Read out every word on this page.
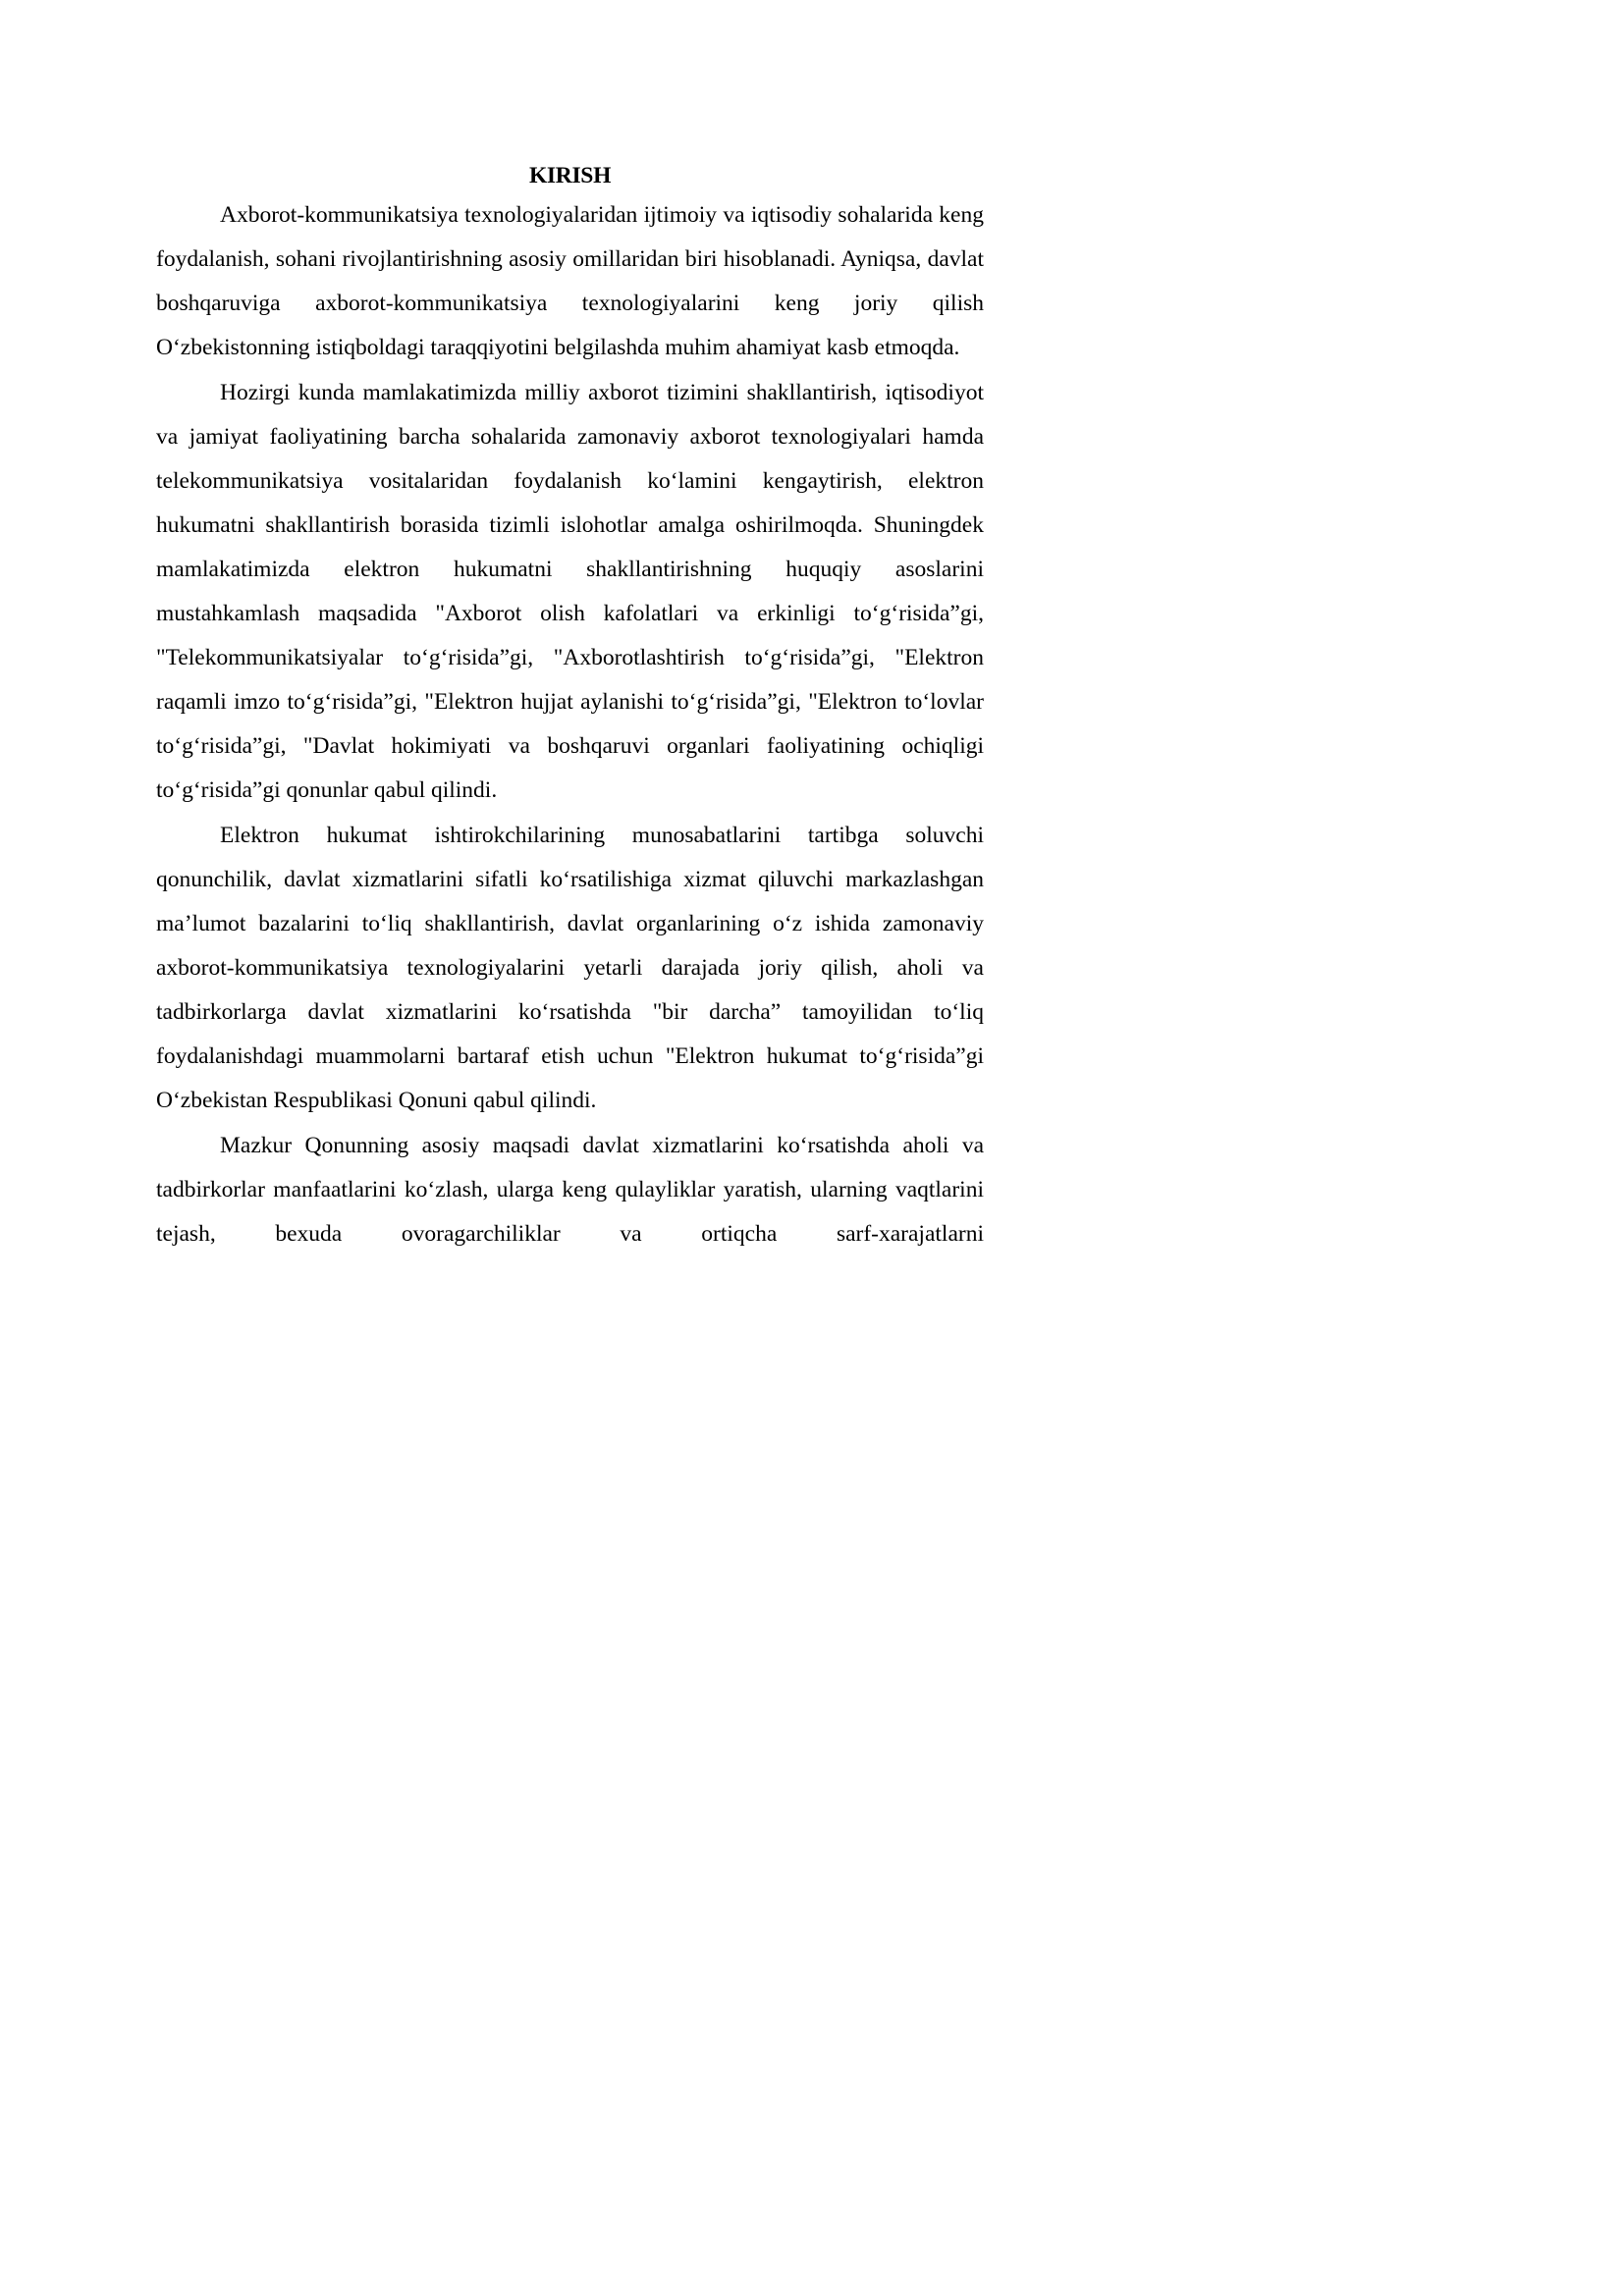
KIRISH

Axborot-kommunikatsiya texnologiyalaridan ijtimoiy va iqtisodiy sohalarida keng foydalanish, sohani rivojlantirishning asosiy omillaridan biri hisoblanadi. Ayniqsa, davlat boshqaruviga axborot-kommunikatsiya texnologiyalarini keng joriy qilish O‘zbekistonning istiqboldagi taraqqiyotini belgilashda muhim ahamiyat kasb etmoqda.

Hozirgi kunda mamlakatimizda milliy axborot tizimini shakllantirish, iqtisodiyot va jamiyat faoliyatining barcha sohalarida zamonaviy axborot texnologiyalari hamda telekommunikatsiya vositalaridan foydalanish ko‘lamini kengaytirish, elektron hukumatni shakllantirish borasida tizimli islohotlar amalga oshirilmoqda. Shuningdek mamlakatimizda elektron hukumatni shakllantirishning huquqiy asoslarini mustahkamlash maqsadida "Axborot olish kafolatlari va erkinligi to‘g‘risida”gi, "Telekommunikatsiyalar to‘g‘risida”gi, "Axborotlashtirish to‘g‘risida”gi, "Elektron raqamli imzo to‘g‘risida”gi, "Elektron hujjat aylanishi to‘g‘risida”gi, "Elektron to‘lovlar to‘g‘risida”gi, "Davlat hokimiyati va boshqaruvi organlari faoliyatining ochiqligi to‘g‘risida”gi qonunlar qabul qilindi.

Elektron hukumat ishtirokchilarining munosabatlarini tartibga soluvchi qonunchilik, davlat xizmatlarini sifatli ko‘rsatilishiga xizmat qiluvchi markazlashgan ma’lumot bazalarini to‘liq shakllantirish, davlat organlarining o‘z ishida zamonaviy axborot-kommunikatsiya texnologiyalarini yetarli darajada joriy qilish, aholi va tadbirkorlarga davlat xizmatlarini ko‘rsatishda "bir darcha” tamoyilidan to‘liq foydalanishdagi muammolarni bartaraf etish uchun "Elektron hukumat to‘g‘risida”gi O‘zbekistan Respublikasi Qonuni qabul qilindi.

Mazkur Qonunning asosiy maqsadi davlat xizmatlarini ko‘rsatishda aholi va tadbirkorlar manfaatlarini ko‘zlash, ularga keng qulayliklar yaratish, ularning vaqtlarini tejash, bexuda ovoragarchiliklar va ortiqcha sarf-xarajatlarni
